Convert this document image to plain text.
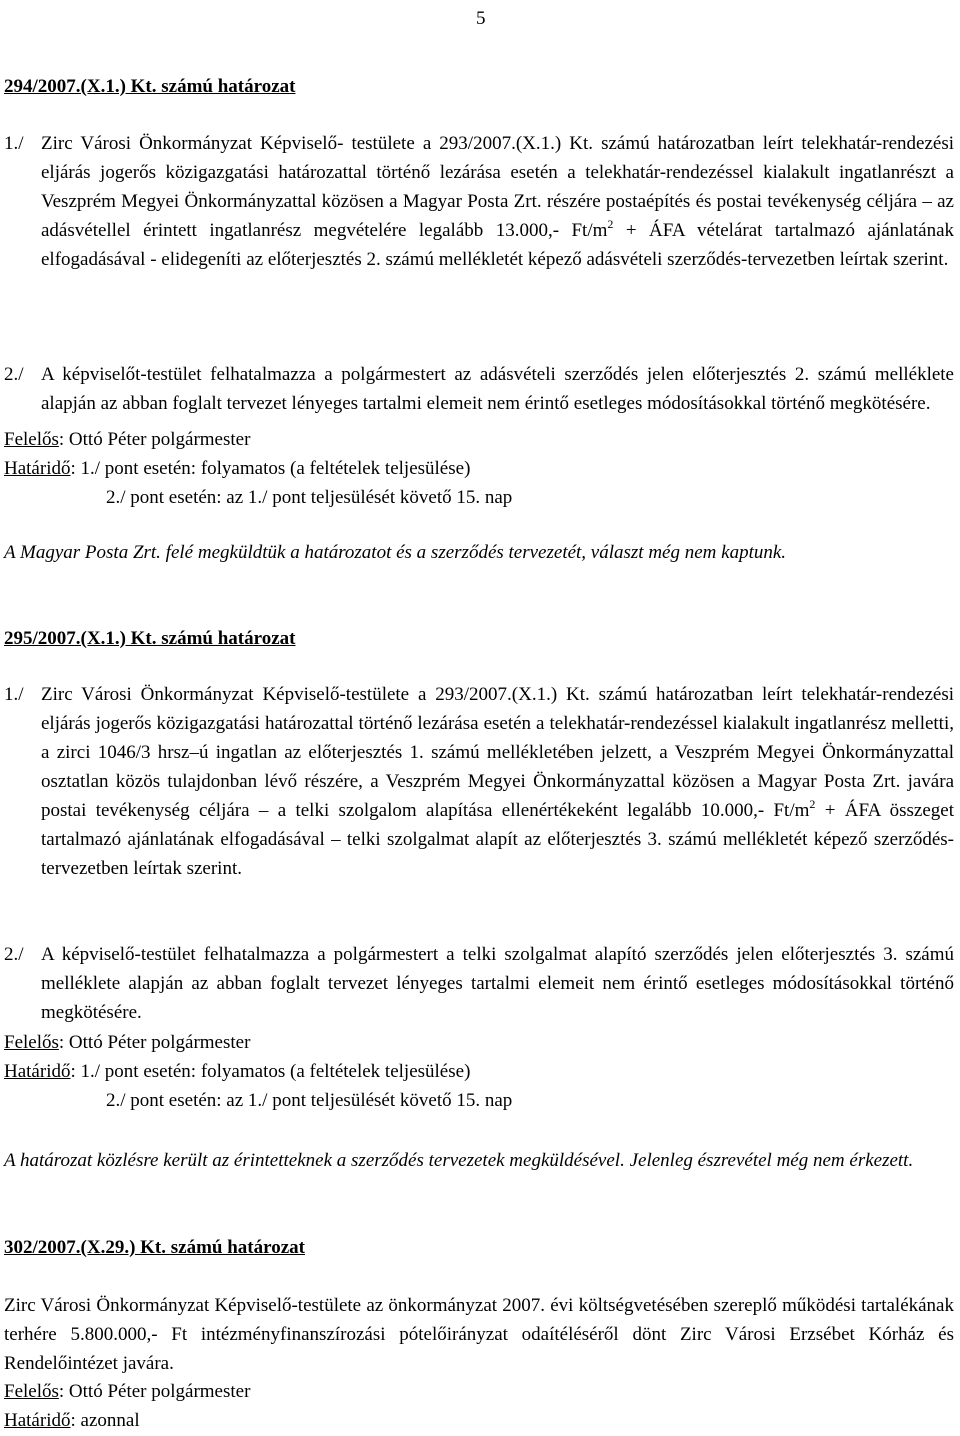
5
294/2007.(X.1.) Kt. számú határozat
1./ Zirc Városi Önkormányzat Képviselő- testülete a 293/2007.(X.1.) Kt. számú határozatban leírt telekhatár-rendezési eljárás jogerős közigazgatási határozattal történő lezárása esetén a telekhatár-rendezéssel kialakult ingatlanrészt a Veszprém Megyei Önkormányzattal közösen a Magyar Posta Zrt. részére postaépítés és postai tevékenység céljára – az adásvétellel érintett ingatlanrész megvételére legalább 13.000,- $Ft/m^2$ + ÁFA vételárat tartalmazó ajánlatának elfogadásával - elidegeníti az előterjesztés 2. számú mellékletét képező adásvételi szerződés-tervezetben leírtak szerint.
2./ A képviselőt-testület felhatalmazza a polgármestert az adásvételi szerződés jelen előterjesztés 2. számú melléklete alapján az abban foglalt tervezet lényeges tartalmi elemeit nem érintő esetleges módosításokkal történő megkötésére.
Felelős: Ottó Péter polgármester
Határidő: 1./ pont esetén: folyamatos (a feltételek teljesülése)
2./ pont esetén: az 1./ pont teljesülését követő 15. nap
A Magyar Posta Zrt. felé megküldtük a határozatot és a szerződés tervezetét, választ még nem kaptunk.
295/2007.(X.1.) Kt. számú határozat
1./ Zirc Városi Önkormányzat Képviselő-testülete a 293/2007.(X.1.) Kt. számú határozatban leírt telekhatár-rendezési eljárás jogerős közigazgatási határozattal történő lezárása esetén a telekhatár-rendezéssel kialakult ingatlanrész melletti, a zirci 1046/3 hrsz–ú ingatlan az előterjesztés 1. számú mellékletében jelzett, a Veszprém Megyei Önkormányzattal osztatlan közös tulajdonban lévő részére, a Veszprém Megyei Önkormányzattal közösen a Magyar Posta Zrt. javára postai tevékenység céljára – a telki szolgalom alapítása ellenértékeként legalább 10.000,- $Ft/m^2$ + ÁFA összeget tartalmazó ajánlatának elfogadásával – telki szolgalmat alapít az előterjesztés 3. számú mellékletét képező szerződés-tervezetben leírtak szerint.
2./ A képviselő-testület felhatalmazza a polgármestert a telki szolgalmat alapító szerződés jelen előterjesztés 3. számú melléklete alapján az abban foglalt tervezet lényeges tartalmi elemeit nem érintő esetleges módosításokkal történő megkötésére.
Felelős: Ottó Péter polgármester
Határidő: 1./ pont esetén: folyamatos (a feltételek teljesülése)
2./ pont esetén: az 1./ pont teljesülését követő 15. nap
A határozat közlésre került az érintetteknek a szerződés tervezetek megküldésével. Jelenleg észrevétel még nem érkezett.
302/2007.(X.29.) Kt. számú határozat
Zirc Városi Önkormányzat Képviselő-testülete az önkormányzat 2007. évi költségvetésében szereplő működési tartalékának terhére 5.800.000,- Ft intézményfinanszírozási pótelőirányzat odaítéléséről dönt Zirc Városi Erzsébet Kórház és Rendelőintézet javára.
Felelős: Ottó Péter polgármester
Határidő: azonnal
